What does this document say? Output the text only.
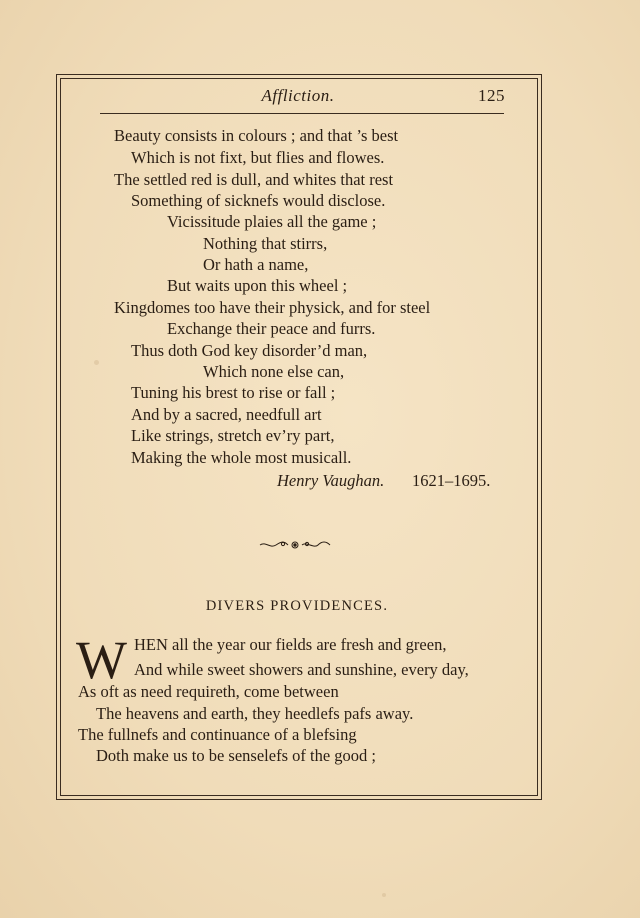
Affliction.	125
Beauty consists in colours ; and that ’s best
Which is not fixt, but flies and flowes.
The settled red is dull, and whites that rest
Something of sicknefs would disclose.
Vicissitude plaies all the game ;
Nothing that stirrs,
Or hath a name,
But waits upon this wheel ;
Kingdomes too have their physick, and for steel
Exchange their peace and furrs.
Thus doth God key disorder’d man,
Which none else can,
Tuning his brest to rise or fall ;
And by a sacred, needfull art
Like strings, stretch ev’ry part,
Making the whole most musicall.
Henry Vaughan. 1621–1695.
DIVERS PROVIDENCES.
W HEN all the year our fields are fresh and green,
And while sweet showers and sunshine, every day,
As oft as need requireth, come between
The heavens and earth, they heedlefs pafs away.
The fullnefs and continuance of a blefsing
Doth make us to be senselefs of the good ;
